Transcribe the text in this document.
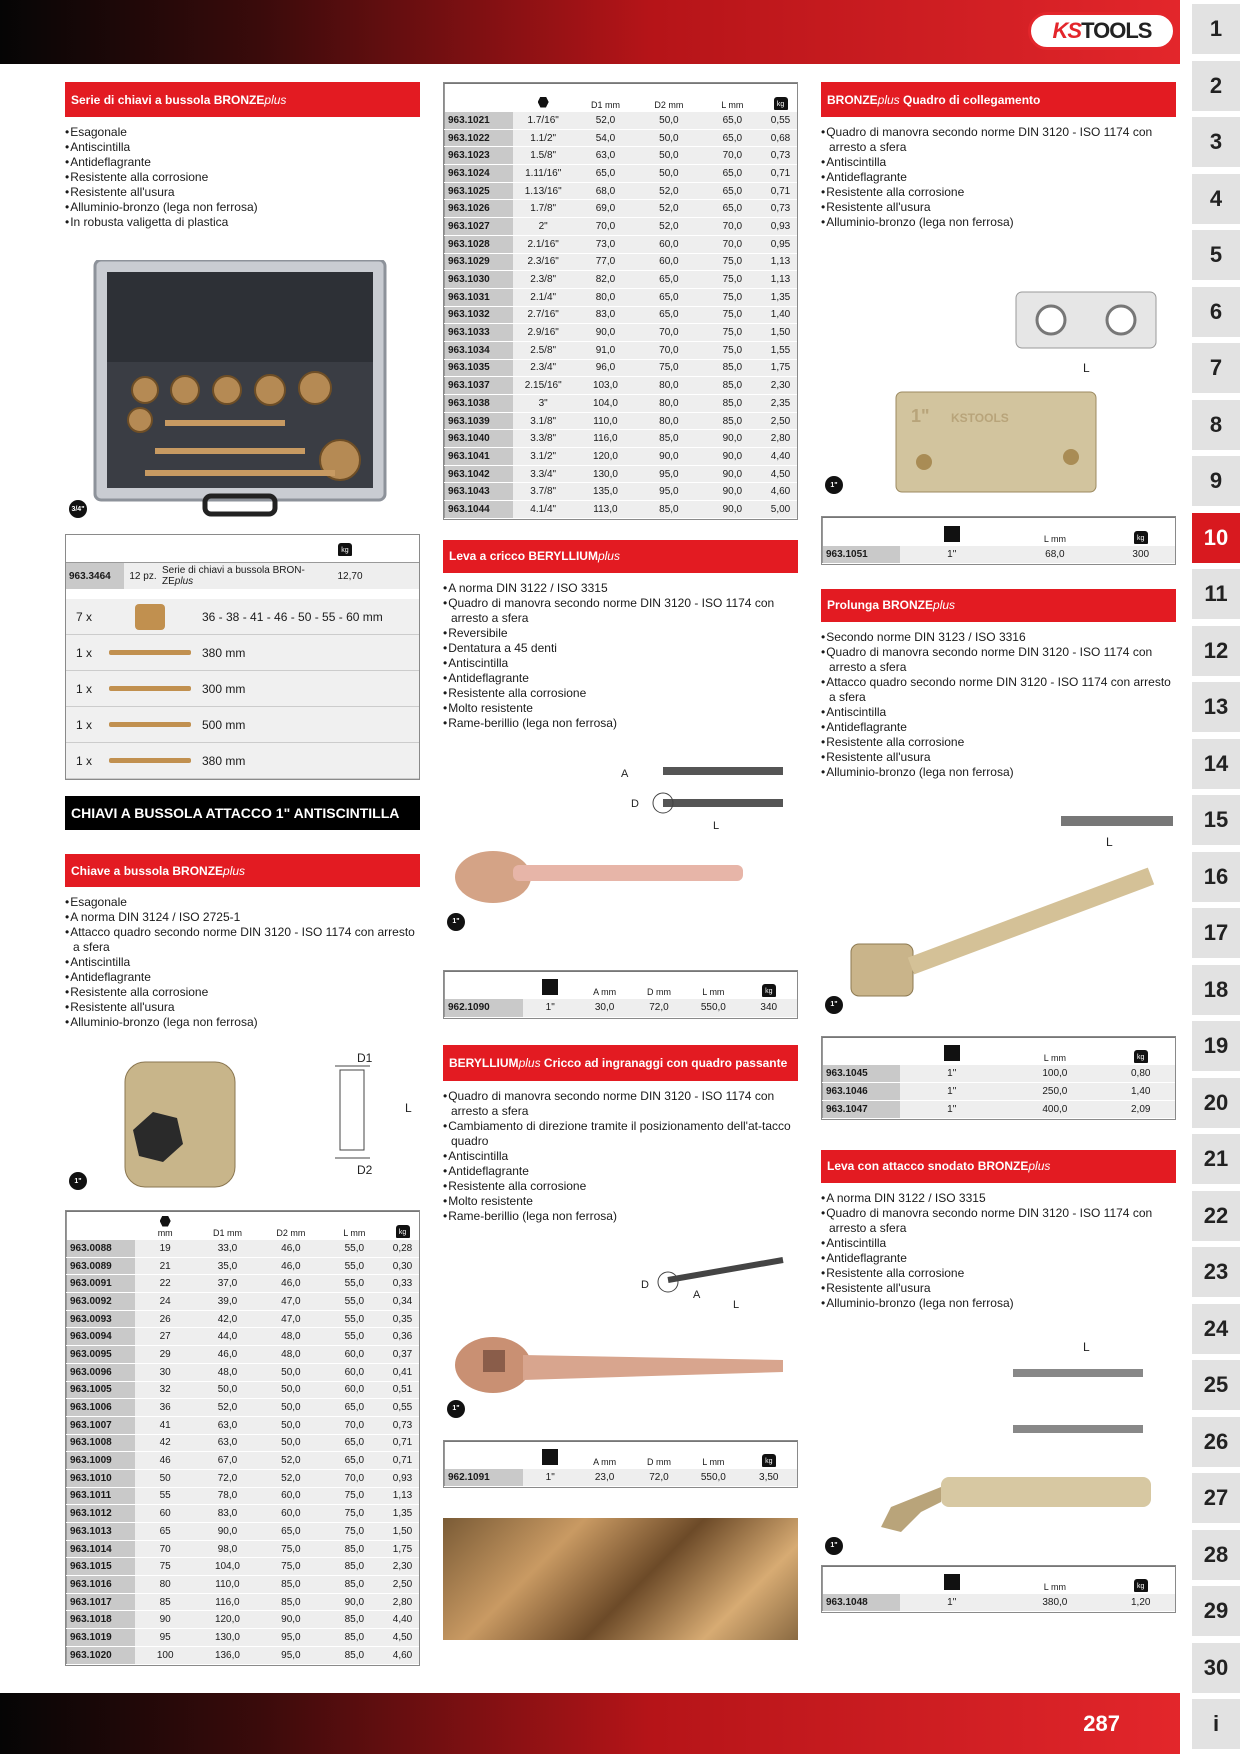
KS TOOLS
287
1
2
3
4
5
6
7
8
9
10
11
12
13
14
15
16
17
18
19
20
21
22
23
24
25
26
27
28
29
30
i
Serie di chiavi a bussola BRONZE plus
• Esagonale
• Antiscintilla
• Antideflagrante
• Resistente alla corrosione
• Resistente all'usura
• Alluminio-bronzo (lega non ferrosa)
• In robusta valigetta di plastica
3/4"
kg
963.3464	12 pz. Serie di chiavi a bussola BRON-ZEplus	12,70
7 x	36 - 38 - 41 - 46 - 50 - 55 - 60 mm
1 x	380 mm
1 x	300 mm
1 x	500 mm
1 x	380 mm
CHIAVI A BUSSOLA ATTACCO 1" ANTISCINTILLA
Chiave a bussola BRONZE plus
• Esagonale
• A norma DIN 3124 / ISO 2725-1
• Attacco quadro secondo norme DIN 3120 - ISO 1174 con arresto a sfera
• Antiscintilla
• Antideflagrante
• Resistente alla corrosione
• Resistente all'usura
• Alluminio-bronzo (lega non ferrosa)
D1
D2
L
1"

	mm	D1 mm	D2 mm	L mm	kg
963.0088	19	33,0	46,0	55,0	0,28
963.0089	21	35,0	46,0	55,0	0,30
963.0091	22	37,0	46,0	55,0	0,33
963.0092	24	39,0	47,0	55,0	0,34
963.0093	26	42,0	47,0	55,0	0,35
963.0094	27	44,0	48,0	55,0	0,36
963.0095	29	46,0	48,0	60,0	0,37
963.0096	30	48,0	50,0	60,0	0,41
963.1005	32	50,0	50,0	60,0	0,51
963.1006	36	52,0	50,0	65,0	0,55
963.1007	41	63,0	50,0	70,0	0,73
963.1008	42	63,0	50,0	65,0	0,71
963.1009	46	67,0	52,0	65,0	0,71
963.1010	50	72,0	52,0	70,0	0,93
963.1011	55	78,0	60,0	75,0	1,13
963.1012	60	83,0	60,0	75,0	1,35
963.1013	65	90,0	65,0	75,0	1,50
963.1014	70	98,0	75,0	85,0	1,75
963.1015	75	104,0	75,0	85,0	2,30
963.1016	80	110,0	85,0	85,0	2,50
963.1017	85	116,0	85,0	90,0	2,80
963.1018	90	120,0	90,0	85,0	4,40
963.1019	95	130,0	95,0	85,0	4,50
963.1020	100	136,0	95,0	85,0	4,60

		D1 mm	D2 mm	L mm	kg
963.1021	1.7/16"	52,0	50,0	65,0	0,55
963.1022	1.1/2"	54,0	50,0	65,0	0,68
963.1023	1.5/8"	63,0	50,0	70,0	0,73
963.1024	1.11/16"	65,0	50,0	65,0	0,71
963.1025	1.13/16"	68,0	52,0	65,0	0,71
963.1026	1.7/8"	69,0	52,0	65,0	0,73
963.1027	2"	70,0	52,0	70,0	0,93
963.1028	2.1/16"	73,0	60,0	70,0	0,95
963.1029	2.3/16"	77,0	60,0	75,0	1,13
963.1030	2.3/8"	82,0	65,0	75,0	1,13
963.1031	2.1/4"	80,0	65,0	75,0	1,35
963.1032	2.7/16"	83,0	65,0	75,0	1,40
963.1033	2.9/16"	90,0	70,0	75,0	1,50
963.1034	2.5/8"	91,0	70,0	75,0	1,55
963.1035	2.3/4"	96,0	75,0	85,0	1,75
963.1037	2.15/16"	103,0	80,0	85,0	2,30
963.1038	3"	104,0	80,0	85,0	2,35
963.1039	3.1/8"	110,0	80,0	85,0	2,50
963.1040	3.3/8"	116,0	85,0	90,0	2,80
963.1041	3.1/2"	120,0	90,0	90,0	4,40
963.1042	3.3/4"	130,0	95,0	90,0	4,50
963.1043	3.7/8"	135,0	95,0	90,0	4,60
963.1044	4.1/4"	113,0	85,0	90,0	5,00
Leva a cricco BERYLLIUM plus
• A norma DIN 3122 / ISO 3315
• Quadro di manovra secondo norme DIN 3120 - ISO 1174 con arresto a sfera
• Reversibile
• Dentatura a 45 denti
• Antiscintilla
• Antideflagrante
• Resistente alla corrosione
• Molto resistente
• Rame-berillio (lega non ferrosa)
A
D
L
1"

		A mm	D mm	L mm	kg
962.1090	1"	30,0	72,0	550,0	340
BERYLLIUMplus Cricco ad ingranaggi con quadro passante
• Quadro di manovra secondo norme DIN 3120 - ISO 1174 con arresto a sfera
• Cambiamento di direzione tramite il posizionamento dell'at-tacco quadro
• Antiscintilla
• Antideflagrante
• Resistente alla corrosione
• Molto resistente
• Rame-berillio (lega non ferrosa)
D
A
L
1"

		A mm	D mm	L mm	kg
962.1091	1"	23,0	72,0	550,0	3,50
BRONZEplus Quadro di collegamento
• Quadro di manovra secondo norme DIN 3120 - ISO 1174 con arresto a sfera
• Antiscintilla
• Antideflagrante
• Resistente alla corrosione
• Resistente all'usura
• Alluminio-bronzo (lega non ferrosa)
L
1" KSTOOLS
1"

		L mm	kg
963.1051	1"	68,0	300
Prolunga BRONZE plus
• Secondo norme DIN 3123 / ISO 3316
• Quadro di manovra secondo norme DIN 3120 - ISO 1174 con arresto a sfera
• Attacco quadro secondo norme DIN 3120 - ISO 1174 con arresto a sfera
• Antiscintilla
• Antideflagrante
• Resistente alla corrosione
• Resistente all'usura
• Alluminio-bronzo (lega non ferrosa)
L
1"

		L mm	kg
963.1045	1"	100,0	0,80
963.1046	1"	250,0	1,40
963.1047	1"	400,0	2,09
Leva con attacco snodato BRONZE plus
• A norma DIN 3122 / ISO 3315
• Quadro di manovra secondo norme DIN 3120 - ISO 1174 con arresto a sfera
• Antiscintilla
• Antideflagrante
• Resistente alla corrosione
• Resistente all'usura
• Alluminio-bronzo (lega non ferrosa)
L
1"

		L mm	kg
963.1048	1"	380,0	1,20
